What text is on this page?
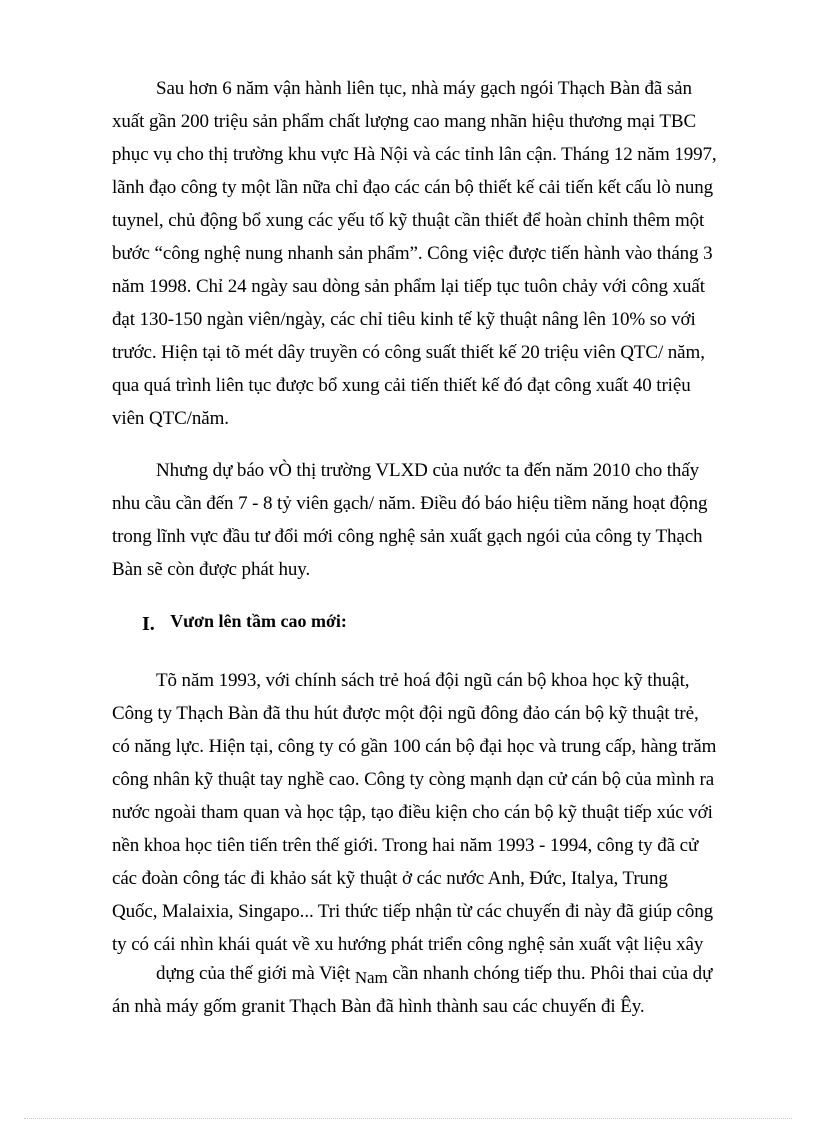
Sau hơn 6 năm vận hành liên tục, nhà máy gạch ngói Thạch Bàn đã sản
xuất gần 200 triệu sản phẩm chất lượng cao mang nhãn hiệu thương mại TBC
phục vụ cho thị trường khu vực Hà Nội và các tỉnh lân cận. Tháng 12 năm 1997,
lãnh đạo công ty một lần nữa chỉ đạo các cán bộ thiết kế cải tiến kết cấu lò nung
tuynel, chủ động bổ xung các yếu tố kỹ thuật cần thiết để hoàn chỉnh thêm một
bước “công nghệ nung nhanh sản phẩm”. Công việc được tiến hành vào tháng 3
năm 1998. Chỉ 24 ngày sau dòng sản phẩm lại tiếp tục tuôn chảy với công xuất
đạt 130-150 ngàn viên/ngày, các chỉ tiêu kinh tế kỹ thuật nâng lên 10% so với
trước. Hiện tại tõ mét dây truyền có công suất thiết kế 20 triệu viên QTC/ năm,
qua quá trình liên tục được bổ xung cải tiến thiết kế đó đạt công xuất 40 triệu
viên QTC/năm.
Nhưng dự báo vÒ thị trường VLXD của nước ta đến năm 2010 cho thấy
nhu cầu cần đến 7 - 8 tỷ viên gạch/ năm. Điều đó báo hiệu tiềm năng hoạt động
trong lĩnh vực đầu tư đổi mới công nghệ sản xuất gạch ngói của công ty Thạch
Bàn sẽ còn được phát huy.
I. Vươn lên tầm cao mới:
Tõ năm 1993, với chính sách trẻ hoá đội ngũ cán bộ khoa học kỹ thuật,
Công ty Thạch Bàn đã thu hút được một đội ngũ đông đảo cán bộ kỹ thuật trẻ,
có năng lực. Hiện tại, công ty có gần 100 cán bộ đại học và trung cấp, hàng trăm
công nhân kỹ thuật tay nghề cao. Công ty còng mạnh dạn cử cán bộ của mình ra
nước ngoài tham quan và học tập, tạo điều kiện cho cán bộ kỹ thuật tiếp xúc với
nền khoa học tiên tiến trên thế giới. Trong hai năm 1993 - 1994, công ty đã cử
các đoàn công tác đi khảo sát kỹ thuật ở các nước Anh, Đức, Italya, Trung
Quốc, Malaixia, Singapo... Tri thức tiếp nhận từ các chuyến đi này đã giúp công
ty có cái nhìn khái quát về xu hướng phát triển công nghệ sản xuất vật liệu xây
dựng của thế giới mà Việt Nam cần nhanh chóng tiếp thu. Phôi thai của dự
án nhà máy gốm granit Thạch Bàn đã hình thành sau các chuyến đi Êy.
